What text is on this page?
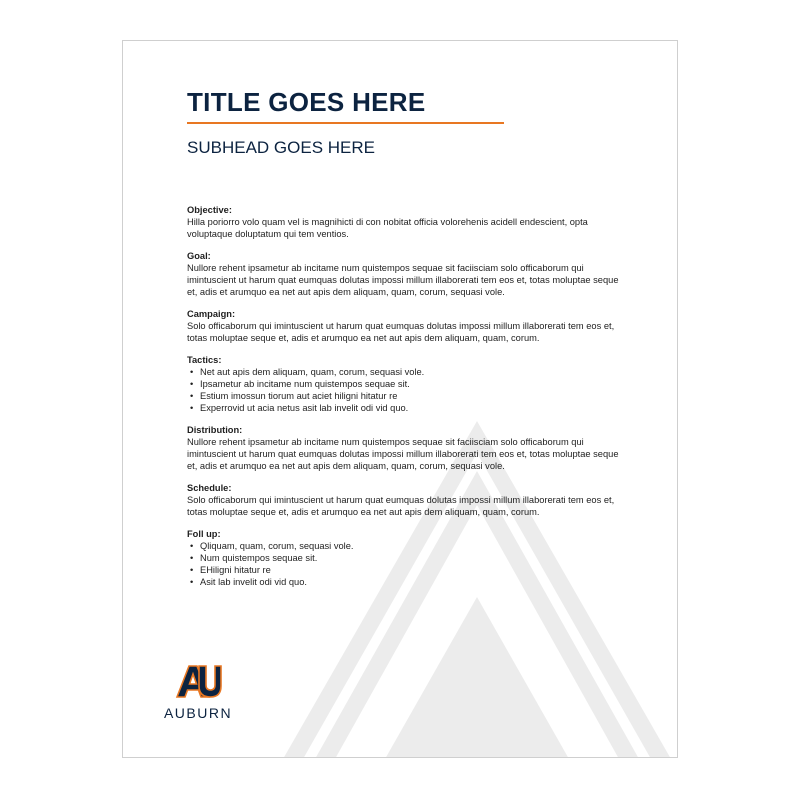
TITLE GOES HERE
SUBHEAD GOES HERE
Objective:

Hilla poriorro volo quam vel is magnihicti di con nobitat officia volorehenis acidell endescient, opta voluptaque doluptatum qui tem ventios.

Goal:

Nullore rehent ipsametur ab incitame num quistempos sequae sit faciisciam solo officaborum qui imintuscient ut harum quat eumquas dolutas impossi millum illaborerati tem eos et, totas moluptae seque et, adis et arumquo ea net aut apis dem aliquam, quam, corum, sequasi vole.

Campaign:

Solo officaborum qui imintuscient ut harum quat eumquas dolutas impossi millum illaborerati tem eos et, totas moluptae seque et, adis et arumquo ea net aut apis dem aliquam, quam, corum.

Tactics:
• Net aut apis dem aliquam, quam, corum, sequasi vole.
• Ipsametur ab incitame num quistempos sequae sit.
• Estium imossun tiorum aut aciet hiligni hitatur re
• Experrovid ut acia netus asit lab invelit odi vid quo.
Distribution:

Nullore rehent ipsametur ab incitame num quistempos sequae sit faciisciam solo officaborum qui imintuscient ut harum quat eumquas dolutas impossi millum illaborerati tem eos et, totas moluptae seque et, adis et arumquo ea net aut apis dem aliquam, quam, corum, sequasi vole.

Schedule:

Solo officaborum qui imintuscient ut harum quat eumquas dolutas impossi millum illaborerati tem eos et, totas moluptae seque et, adis et arumquo ea net aut apis dem aliquam, quam, corum.

Foll up:
• Qliquam, quam, corum, sequasi vole.
• Num quistempos sequae sit.
• EHiligni hitatur re
• Asit lab invelit odi vid quo.
AUBURN
